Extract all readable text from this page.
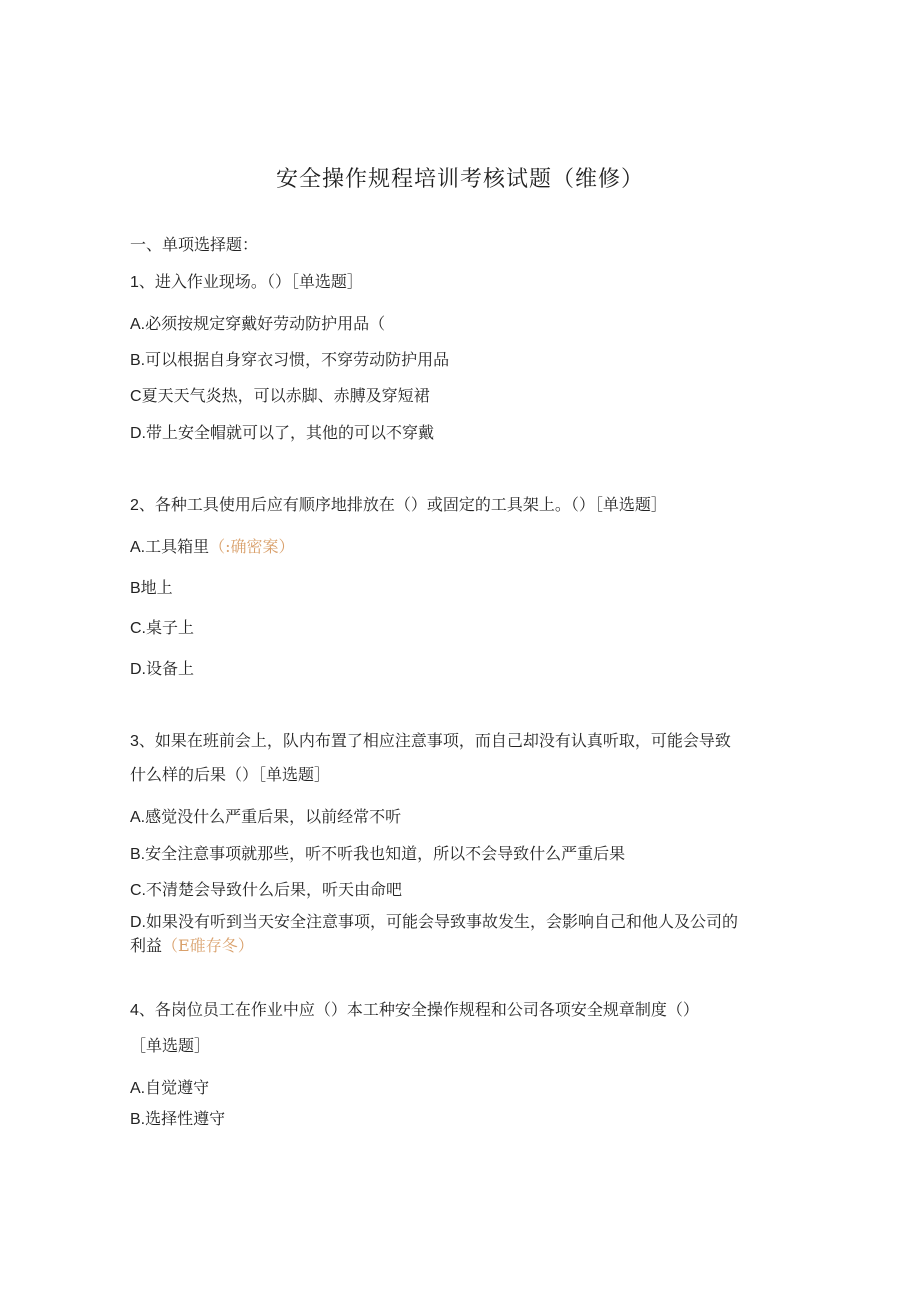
安全操作规程培训考核试题（维修）
一、单项选择题：
1、进入作业现场。（）［单选题］
A.必须按规定穿戴好劳动防护用品（
B.可以根据自身穿衣习惯，不穿劳动防护用品
C夏天天气炎热，可以赤脚、赤膊及穿短裙
D.带上安全帽就可以了，其他的可以不穿戴
2、各种工具使用后应有顺序地排放在（）或固定的工具架上。（）［单选题］
A.工具箱里（:确密案）
B地上
C.桌子上
D.设备上
3、如果在班前会上，队内布置了相应注意事项，而自己却没有认真听取，可能会导致
什么样的后果（）［单选题］
A.感觉没什么严重后果，以前经常不听
B.安全注意事项就那些，听不听我也知道，所以不会导致什么严重后果
C.不清楚会导致什么后果，听天由命吧
D.如果没有听到当天安全注意事项，可能会导致事故发生，会影响自己和他人及公司的
利益（E碓存冬）
4、各岗位员工在作业中应（）本工种安全操作规程和公司各项安全规章制度（）
［单选题］
A.自觉遵守
B.选择性遵守
